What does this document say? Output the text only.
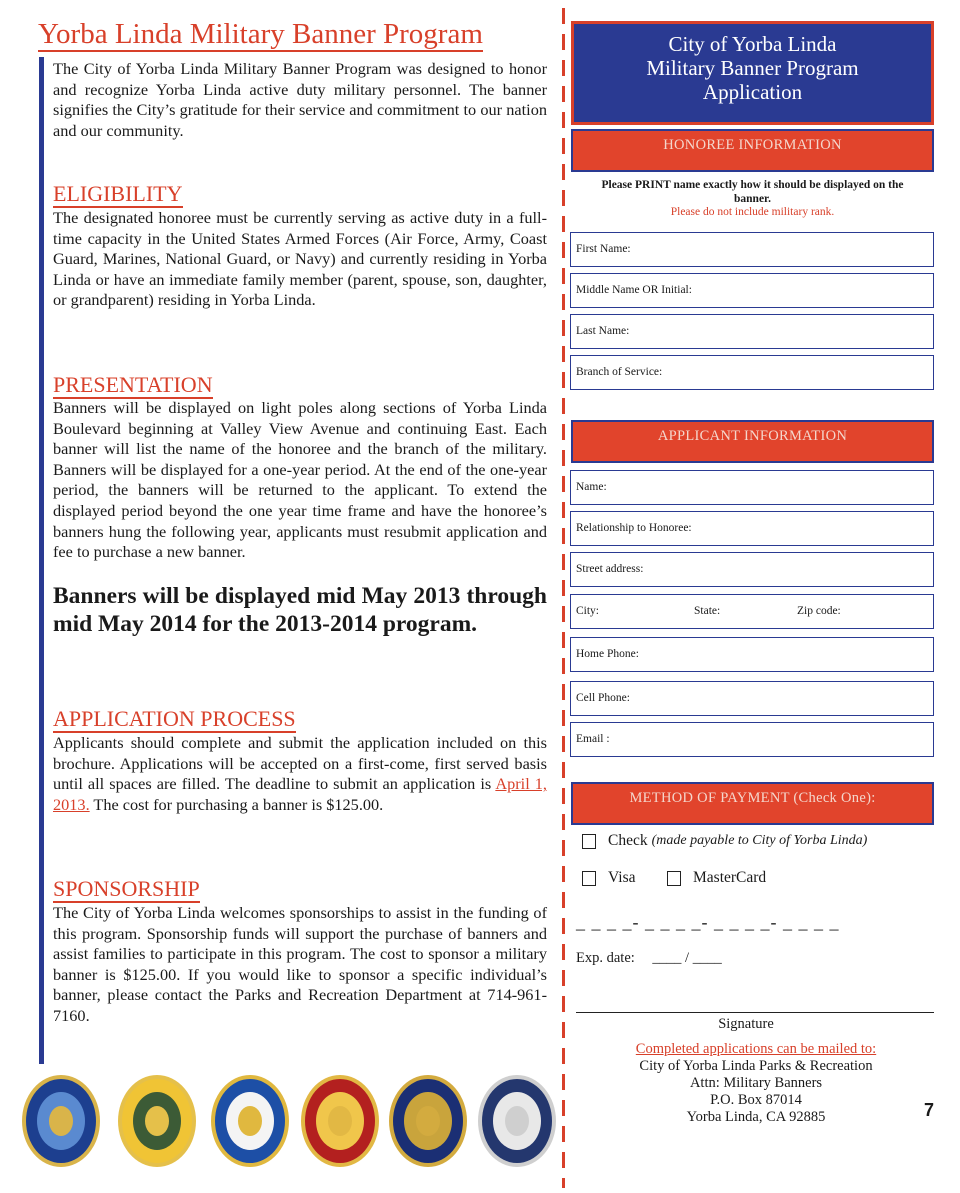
Yorba Linda Military Banner Program

The City of Yorba Linda Military Banner Program was designed to honor and recognize Yorba Linda active duty military personnel. The banner signifies the City’s gratitude for their service and commitment to our nation and our community.

ELIGIBILITY

The designated honoree must be currently serving as active duty in a full-time capacity in the United States Armed Forces (Air Force, Army, Coast Guard, Marines, National Guard, or Navy) and currently residing in Yorba Linda or have an immediate family member (parent, spouse, son, daughter, or grandparent) residing in Yorba Linda.

PRESENTATION

Banners will be displayed on light poles along sections of Yorba Linda Boulevard beginning at Valley View Avenue and continuing East. Each banner will list the name of the honoree and the branch of the military. Banners will be displayed for a one-year period. At the end of the one-year period, the banners will be returned to the applicant. To extend the displayed period beyond the one year time frame and have the honoree’s banners hung the following year, applicants must resubmit application and fee to purchase a new banner.

Banners will be displayed mid May 2013 through mid May 2014 for the 2013-2014 program.

APPLICATION PROCESS

Applicants should complete and submit the application included on this brochure. Applications will be accepted on a first-come, first served basis until all spaces are filled. The deadline to submit an application is April 1, 2013. The cost for purchasing a banner is $125.00.

SPONSORSHIP

The City of Yorba Linda welcomes sponsorships to assist in the funding of this program. Sponsorship funds will support the purchase of banners and assist families to participate in this program. The cost to sponsor a military banner is $125.00. If you would like to sponsor a specific individual’s banner, please contact the Parks and Recreation Department at 714-961-7160.

City of Yorba Linda
Military Banner Program
Application
HONOREE INFORMATION
Please PRINT name exactly how it should be displayed on the banner.
Please do not include military rank.
First Name:
Middle Name OR Initial:
Last Name:
Branch of Service:
APPLICANT INFORMATION
Name:
Relationship to Honoree:
Street address:
City:	State:	Zip code:
Home Phone:
Cell Phone:
Email :
METHOD OF PAYMENT (Check One):
Check (made payable to City of Yorba Linda)
Visa	MasterCard
_ _ _ _- _ _ _ _- _ _ _ _- _ _ _ _
Exp. date: ____ / ____
Signature
Completed applications can be mailed to:
City of Yorba Linda Parks & Recreation
Attn: Military Banners
P.O. Box 87014
Yorba Linda, CA 92885	7
